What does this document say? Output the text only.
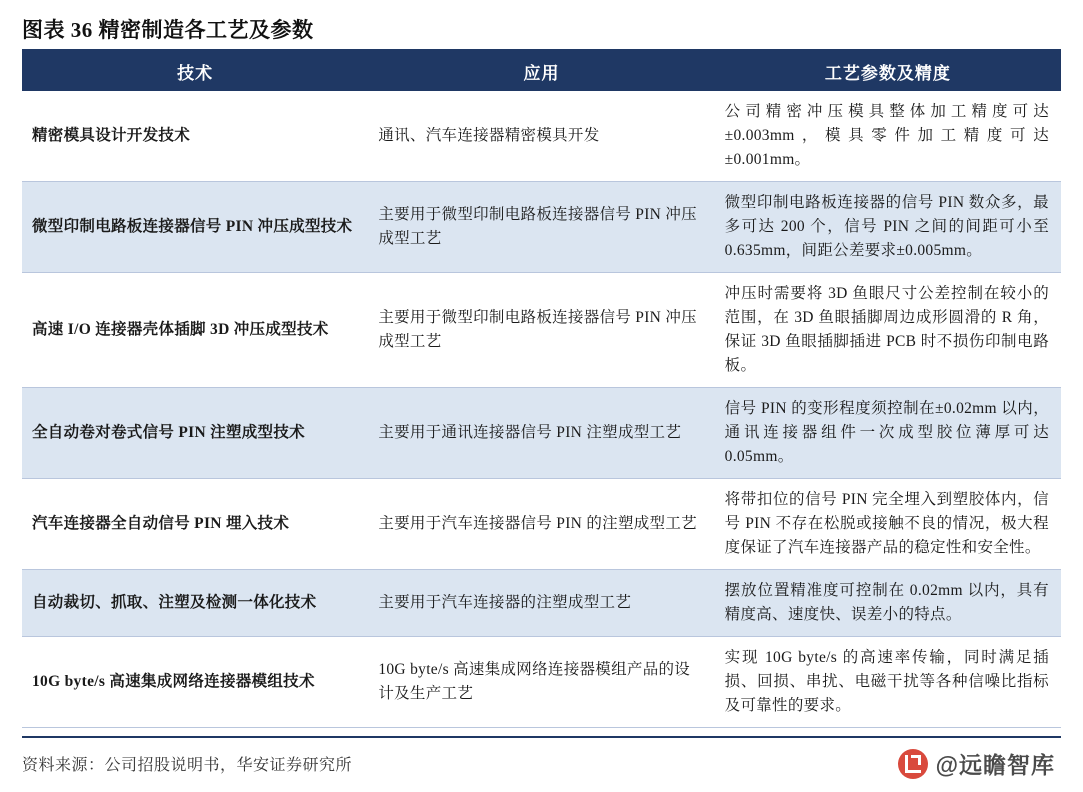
图表 36 精密制造各工艺及参数
技术	应用	工艺参数及精度
精密模具设计开发技术	通讯、汽车连接器精密模具开发	公司精密冲压模具整体加工精度可达±0.003mm，模具零件加工精度可达±0.001mm。
微型印制电路板连接器信号 PIN 冲压成型技术	主要用于微型印制电路板连接器信号 PIN 冲压成型工艺	微型印制电路板连接器的信号 PIN 数众多，最多可达 200 个，信号 PIN 之间的间距可小至 0.635mm，间距公差要求±0.005mm。
高速 I/O 连接器壳体插脚 3D 冲压成型技术	主要用于微型印制电路板连接器信号 PIN 冲压成型工艺	冲压时需要将 3D 鱼眼尺寸公差控制在较小的范围，在 3D 鱼眼插脚周边成形圆滑的 R 角，保证 3D 鱼眼插脚插进 PCB 时不损伤印制电路板。
全自动卷对卷式信号 PIN 注塑成型技术	主要用于通讯连接器信号 PIN 注塑成型工艺	信号 PIN 的变形程度须控制在±0.02mm 以内，通讯连接器组件一次成型胶位薄厚可达 0.05mm。
汽车连接器全自动信号 PIN 埋入技术	主要用于汽车连接器信号 PIN 的注塑成型工艺	将带扣位的信号 PIN 完全埋入到塑胶体内，信号 PIN 不存在松脱或接触不良的情况，极大程度保证了汽车连接器产品的稳定性和安全性。
自动裁切、抓取、注塑及检测一体化技术	主要用于汽车连接器的注塑成型工艺	摆放位置精准度可控制在 0.02mm 以内，具有精度高、速度快、误差小的特点。
10G byte/s 高速集成网络连接器模组技术	10G byte/s 高速集成网络连接器模组产品的设计及生产工艺	实现 10G byte/s 的高速率传输，同时满足插损、回损、串扰、电磁干扰等各种信噪比指标及可靠性的要求。
资料来源：公司招股说明书，华安证券研究所	@远瞻智库
